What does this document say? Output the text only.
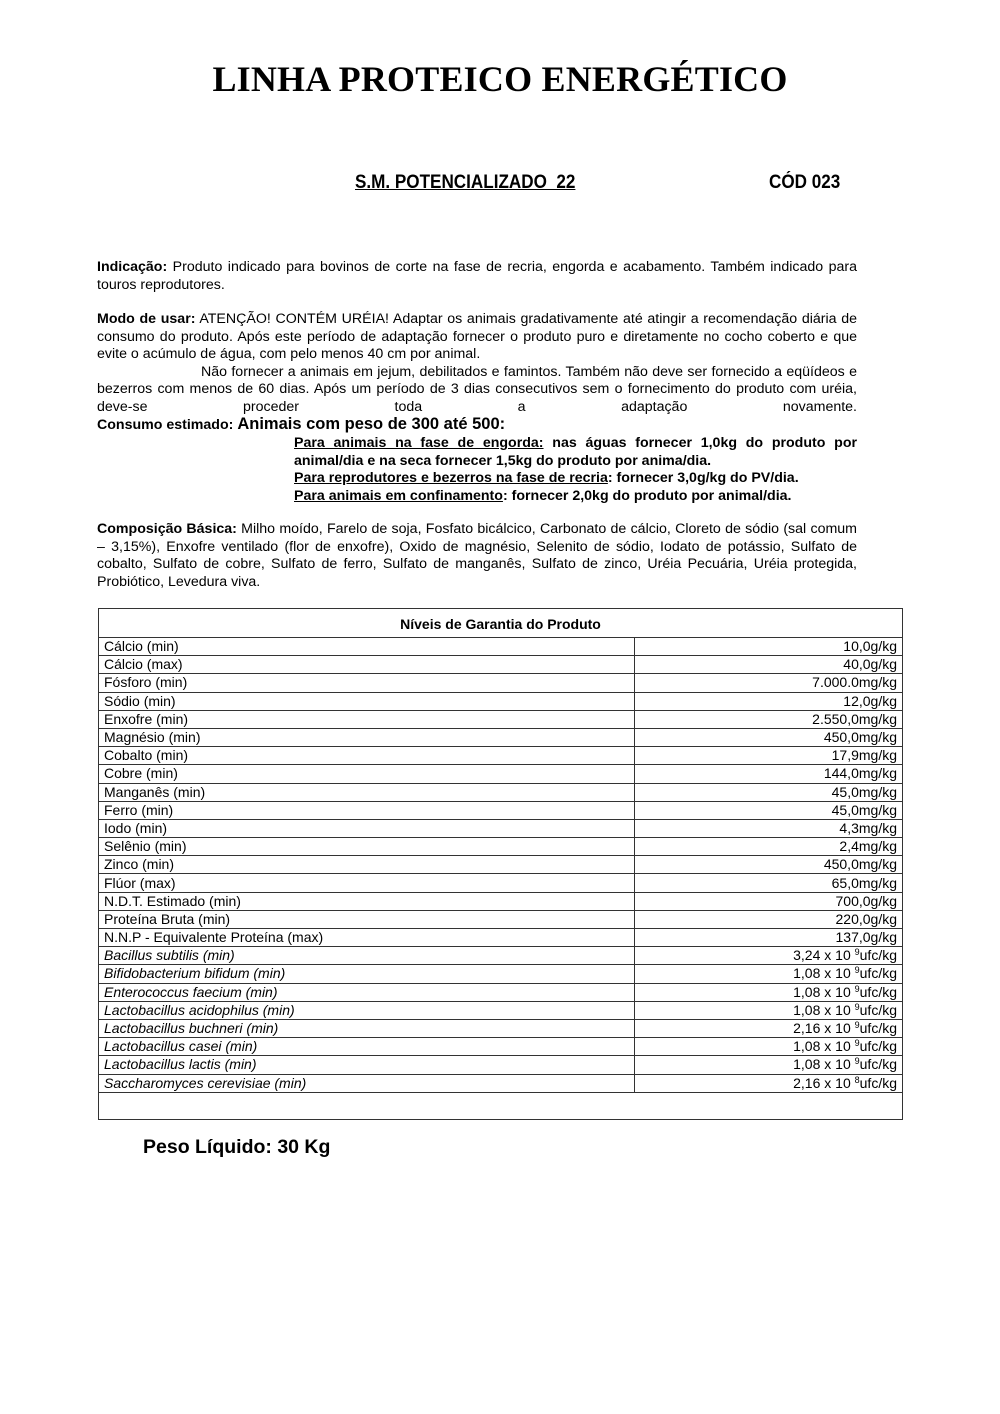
LINHA PROTEICO ENERGÉTICO
S.M. POTENCIALIZADO  22	CÓD 023
Indicação: Produto indicado para bovinos de corte na fase de recria, engorda e acabamento. Também indicado para touros reprodutores.

Modo de usar: ATENÇÃO! CONTÉM URÉIA! Adaptar os animais gradativamente até atingir a recomendação diária de consumo do produto. Após este período de adaptação fornecer o produto puro e diretamente no cocho coberto e que evite o acúmulo de água, com pelo menos 40 cm por animal.

Não fornecer a animais em jejum, debilitados e famintos. Também não deve ser fornecido a eqüídeos e bezerros com menos de 60 dias. Após um período de 3 dias consecutivos sem o fornecimento do produto com uréia, deve-se proceder toda a adaptação novamente.

Consumo estimado: Animais com peso de 300 até 500:
Para animais na fase de engorda: nas águas fornecer 1,0kg do produto por animal/dia e na seca fornecer 1,5kg do produto por anima/dia.
Para reprodutores e bezerros na fase de recria: fornecer 3,0g/kg do PV/dia.
Para animais em confinamento: fornecer 2,0kg do produto por animal/dia.
Composição Básica: Milho moído, Farelo de soja, Fosfato bicálcico, Carbonato de cálcio, Cloreto de sódio (sal comum – 3,15%), Enxofre ventilado (flor de enxofre), Oxido de magnésio, Selenito de sódio, Iodato de potássio, Sulfato de cobalto, Sulfato de cobre, Sulfato de ferro, Sulfato de manganês, Sulfato de zinco, Uréia Pecuária, Uréia protegida, Probiótico, Levedura viva.
Níveis de Garantia do Produto	
Cálcio (min)	10,0g/kg
Cálcio (max)	40,0g/kg
Fósforo (min)	7.000.0mg/kg
Sódio (min)	12,0g/kg
Enxofre (min)	2.550,0mg/kg
Magnésio (min)	450,0mg/kg
Cobalto (min)	17,9mg/kg
Cobre (min)	144,0mg/kg
Manganês (min)	45,0mg/kg
Ferro (min)	45,0mg/kg
Iodo (min)	4,3mg/kg
Selênio (min)	2,4mg/kg
Zinco (min)	450,0mg/kg
Flúor (max)	65,0mg/kg
N.D.T. Estimado (min)	700,0g/kg
Proteína Bruta (min)	220,0g/kg
N.N.P - Equivalente Proteína (max)	137,0g/kg
Bacillus subtilis (min)	3,24 x 10 $^9$ufc/kg
Bifidobacterium bifidum (min)	1,08 x 10 $^9$ufc/kg
Enterococcus faecium (min)	1,08 x 10 $^9$ufc/kg
Lactobacillus acidophilus (min)	1,08 x 10 $^9$ufc/kg
Lactobacillus buchneri (min)	2,16 x 10 $^9$ufc/kg
Lactobacillus casei (min)	1,08 x 10 $^9$ufc/kg
Lactobacillus lactis (min)	1,08 x 10 $^9$ufc/kg
Saccharomyces cerevisiae (min)	2,16 x 10 $^8$ufc/kg

Peso Líquido: 30 Kg
